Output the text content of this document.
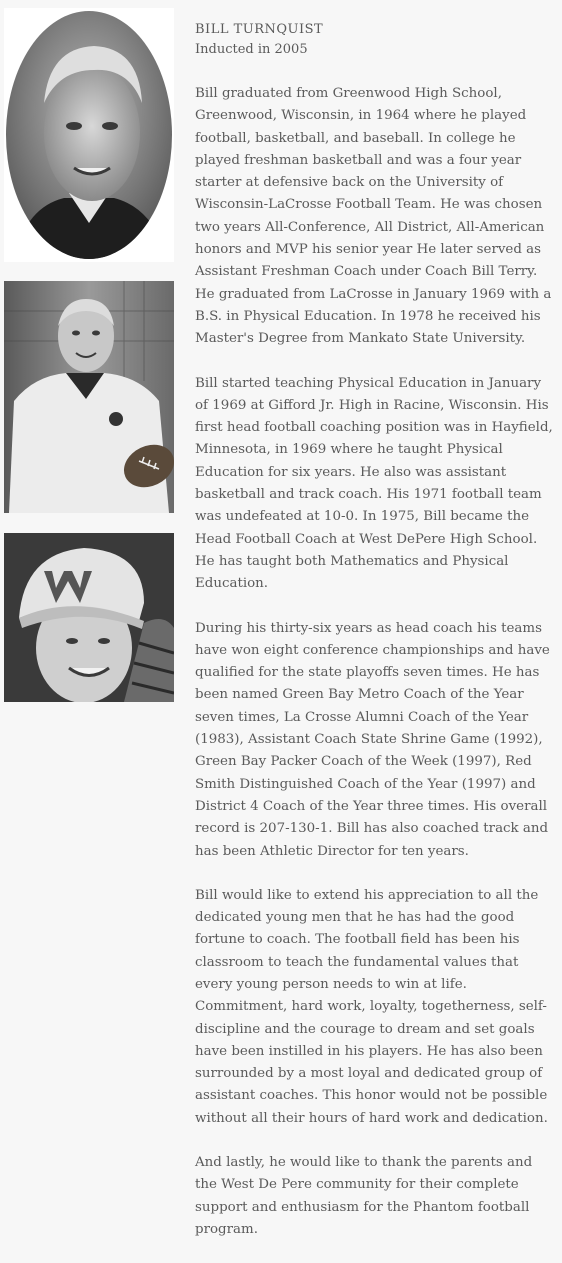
BILL TURNQUIST

Inducted in 2005

Bill graduated from Greenwood High School, Greenwood, Wisconsin, in 1964 where he played football, basketball, and baseball. In college he played freshman basketball and was a four year starter at defensive back on the University of Wisconsin-LaCrosse Football Team. He was chosen two years All-Conference, All District, All-American honors and MVP his senior year He later served as Assistant Freshman Coach under Coach Bill Terry. He graduated from LaCrosse in January 1969 with a B.S. in Physical Education. In 1978 he received his Master's Degree from Mankato State University.

Bill started teaching Physical Education in January of 1969 at Gifford Jr. High in Racine, Wisconsin. His first head football coaching position was in Hayfield, Minnesota, in 1969 where he taught Physical Education for six years. He also was assistant basketball and track coach. His 1971 football team was undefeated at 10-0. In 1975, Bill became the Head Football Coach at West DePere High School. He has taught both Mathematics and Physical Education.

During his thirty-six years as head coach his teams have won eight conference championships and have qualified for the state playoffs seven times. He has been named Green Bay Metro Coach of the Year seven times, La Crosse Alumni Coach of the Year (1983), Assistant Coach State Shrine Game (1992), Green Bay Packer Coach of the Week (1997), Red Smith Distinguished Coach of the Year (1997) and District 4 Coach of the Year three times. His overall record is 207-130-1. Bill has also coached track and has been Athletic Director for ten years.

Bill would like to extend his appreciation to all the dedicated young men that he has had the good fortune to coach. The football field has been his classroom to teach the fundamental values that every young person needs to win at life. Commitment, hard work, loyalty, togetherness, self-discipline and the courage to dream and set goals have been instilled in his players. He has also been surrounded by a most loyal and dedicated group of assistant coaches. This honor would not be possible without all their hours of hard work and dedication.

And lastly, he would like to thank the parents and the West De Pere community for their complete support and enthusiasm for the Phantom football program.
